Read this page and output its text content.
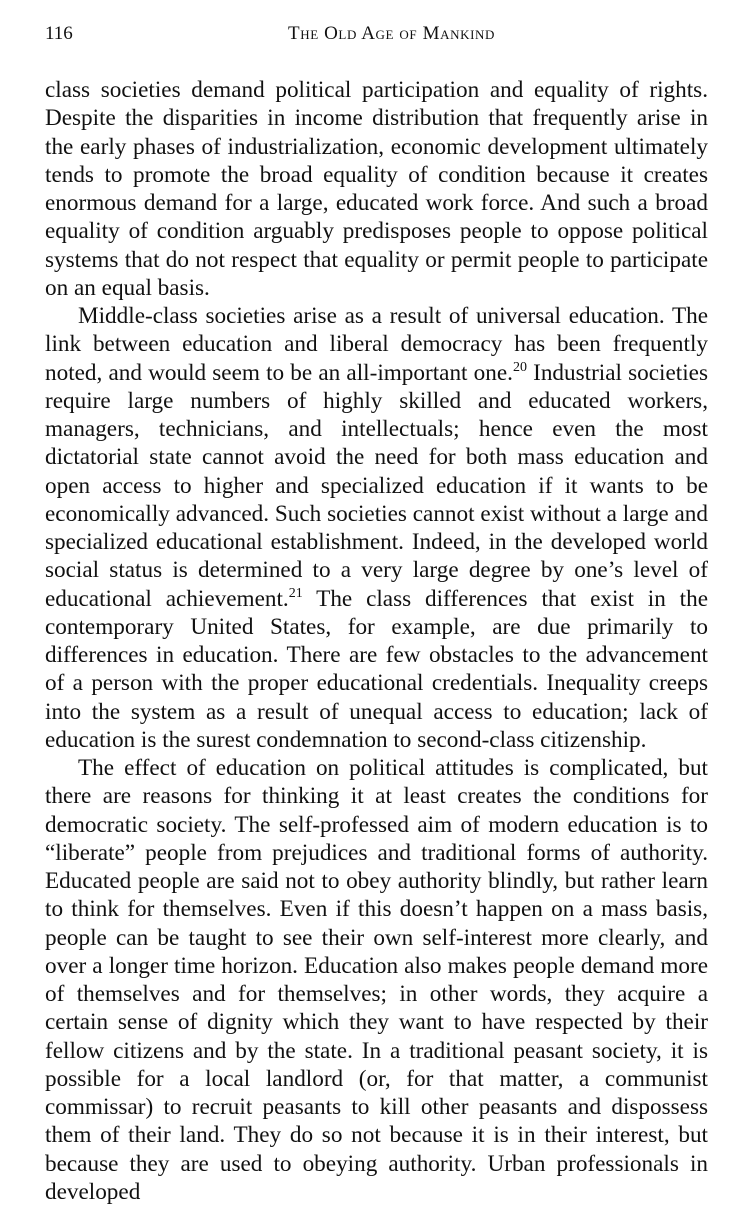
116	The Old Age of Mankind

class societies demand political participation and equality of rights. Despite the disparities in income distribution that frequently arise in the early phases of industrialization, economic development ultimately tends to promote the broad equality of condition because it creates enormous demand for a large, educated work force. And such a broad equality of condition arguably predisposes people to oppose political systems that do not respect that equality or permit people to participate on an equal basis.

Middle-class societies arise as a result of universal education. The link between education and liberal democracy has been frequently noted, and would seem to be an all-important one.$^{20}$ Industrial societies require large numbers of highly skilled and educated workers, managers, technicians, and intellectuals; hence even the most dictatorial state cannot avoid the need for both mass education and open access to higher and specialized education if it wants to be economically advanced. Such societies cannot exist without a large and specialized educational establishment. Indeed, in the developed world social status is determined to a very large degree by one’s level of educational achievement.$^{21}$ The class differences that exist in the contemporary United States, for example, are due primarily to differences in education. There are few obstacles to the advancement of a person with the proper educational credentials. Inequality creeps into the system as a result of unequal access to education; lack of education is the surest condemnation to second-class citizenship.

The effect of education on political attitudes is complicated, but there are reasons for thinking it at least creates the conditions for democratic society. The self-professed aim of modern education is to “liberate” people from prejudices and traditional forms of authority. Educated people are said not to obey authority blindly, but rather learn to think for themselves. Even if this doesn’t happen on a mass basis, people can be taught to see their own self-interest more clearly, and over a longer time horizon. Education also makes people demand more of themselves and for themselves; in other words, they acquire a certain sense of dignity which they want to have respected by their fellow citizens and by the state. In a traditional peasant society, it is possible for a local landlord (or, for that matter, a communist commissar) to recruit peasants to kill other peasants and dispossess them of their land. They do so not because it is in their interest, but because they are used to obeying authority. Urban professionals in developed
